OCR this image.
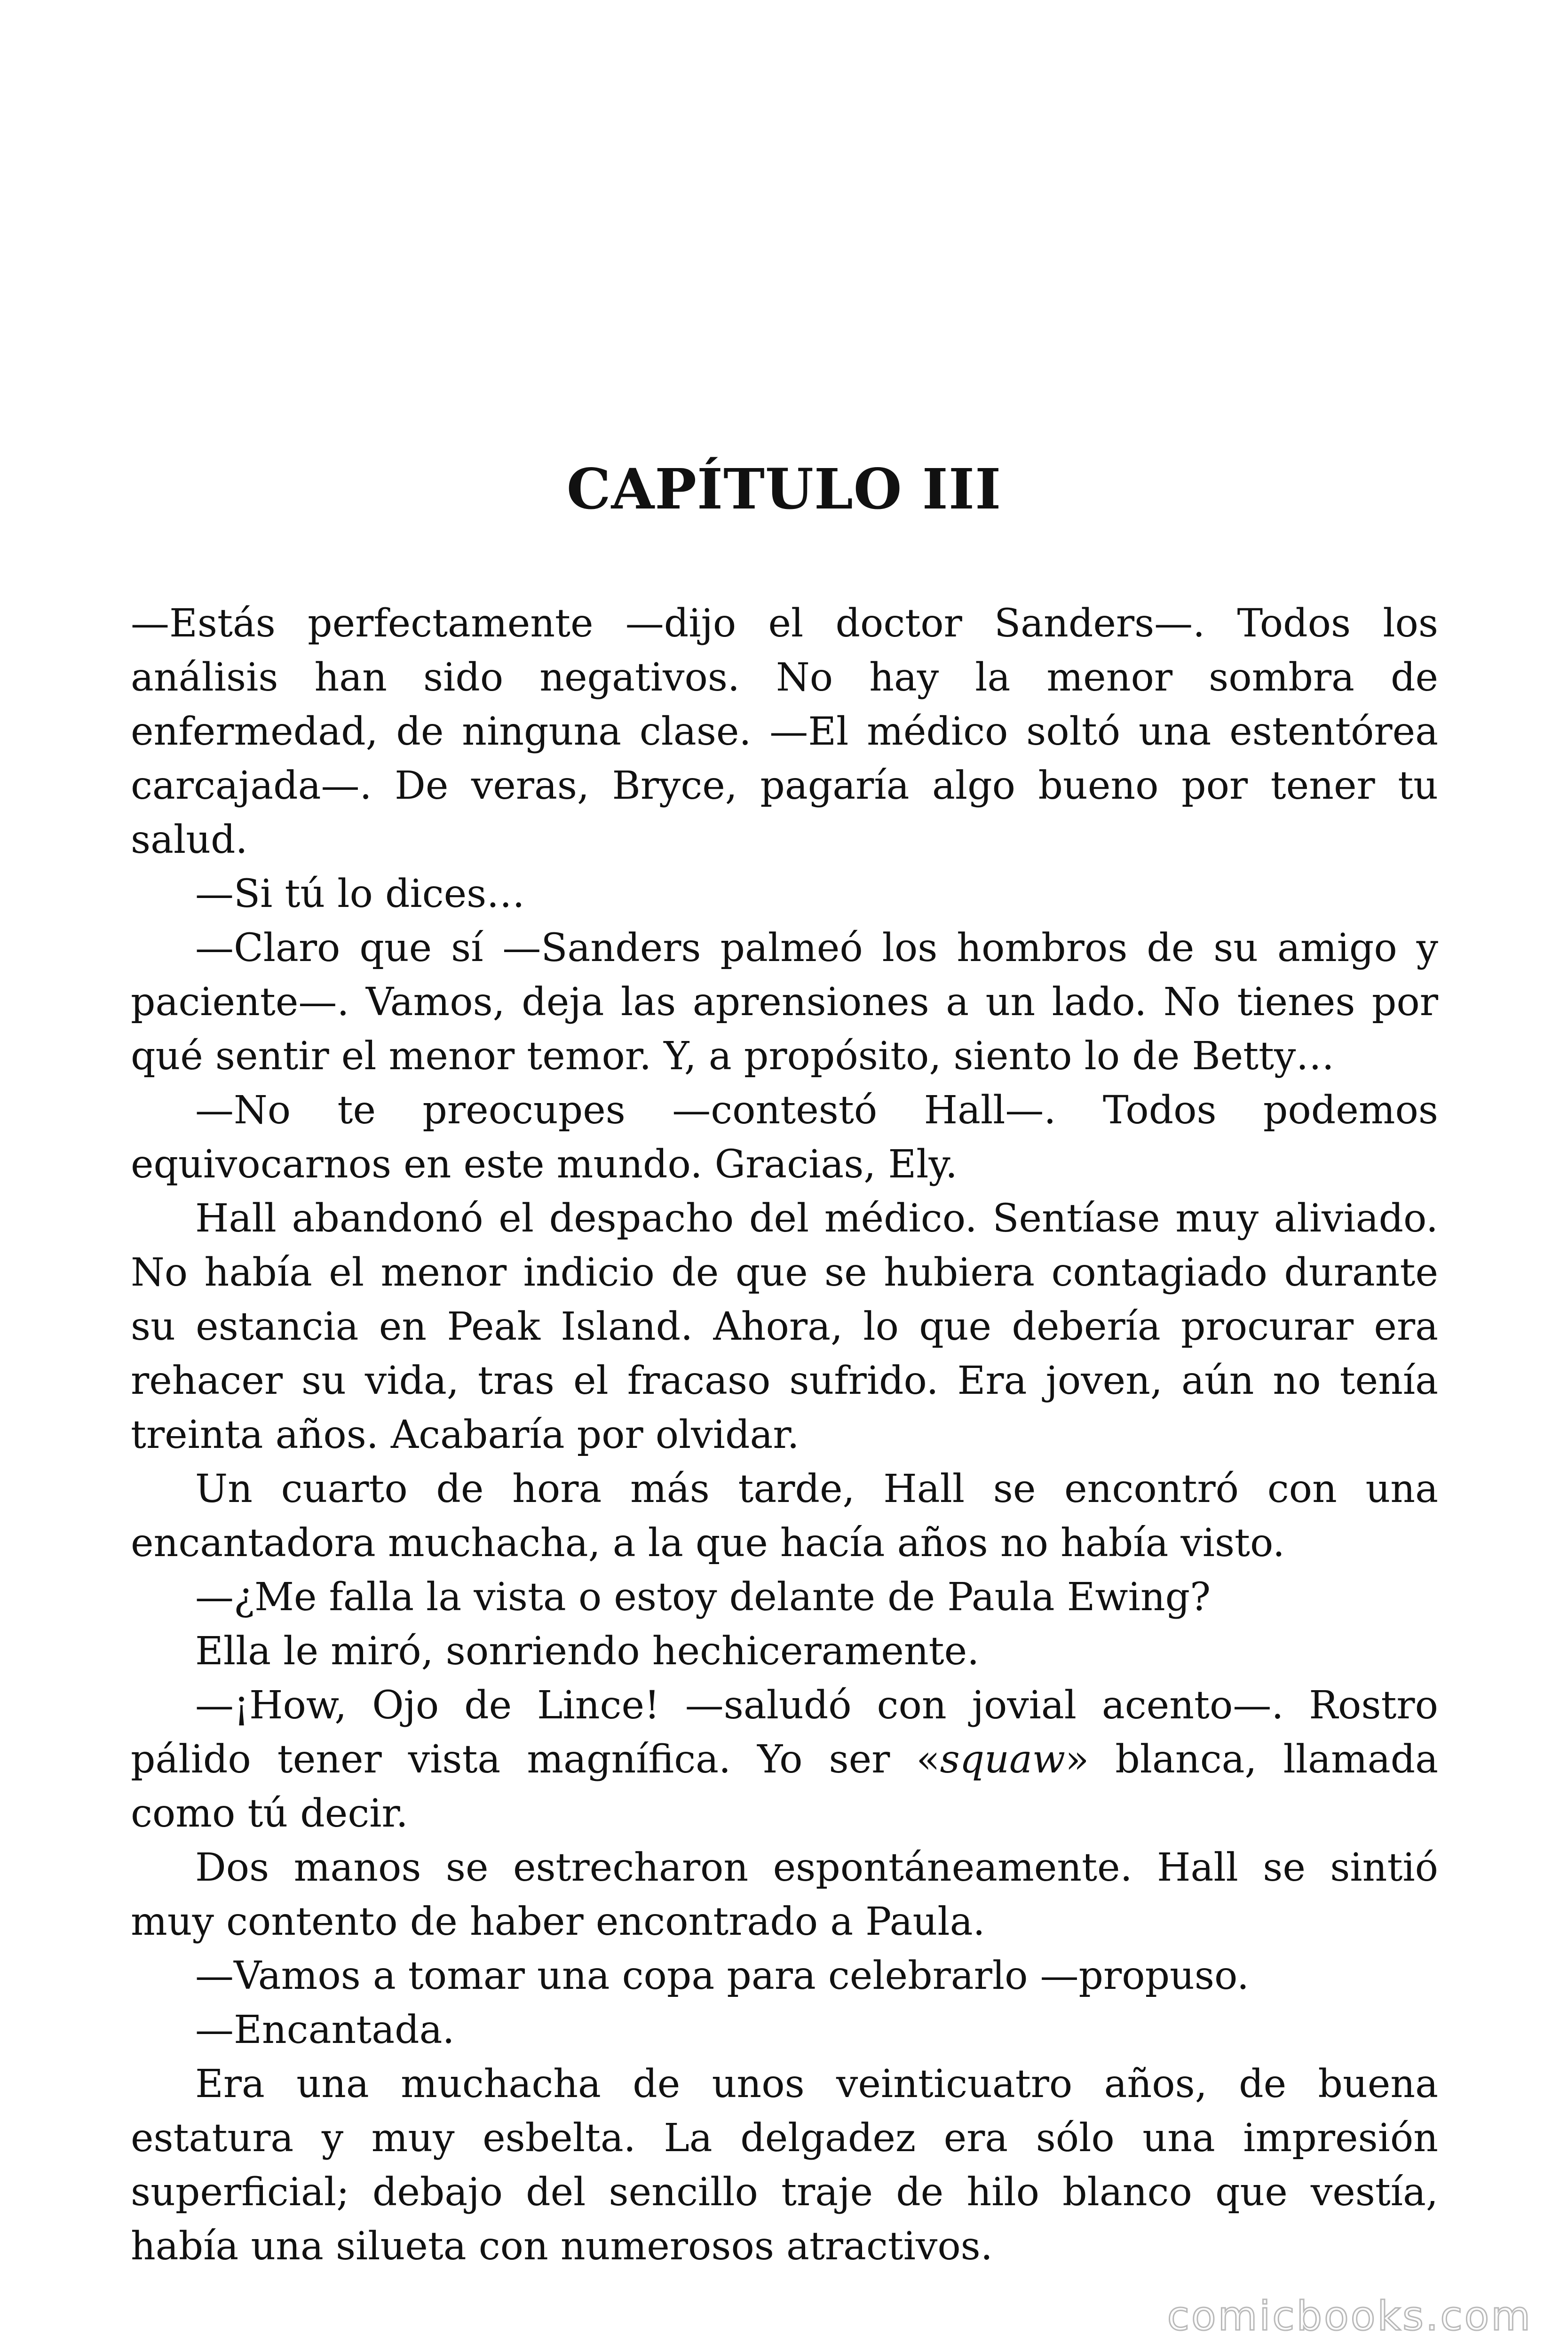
CAPÍTULO III

—Estás perfectamente —dijo el doctor Sanders—. Todos los análisis han sido negativos. No hay la menor sombra de enfermedad, de ninguna clase. —El médico soltó una estentórea carcajada—. De veras, Bryce, pagaría algo bueno por tener tu salud.

—Si tú lo dices…

—Claro que sí —Sanders palmeó los hombros de su amigo y paciente—. Vamos, deja las aprensiones a un lado. No tienes por qué sentir el menor temor. Y, a propósito, siento lo de Betty…

—No te preocupes —contestó Hall—. Todos podemos equivocarnos en este mundo. Gracias, Ely.

Hall abandonó el despacho del médico. Sentíase muy aliviado. No había el menor indicio de que se hubiera contagiado durante su estancia en Peak Island. Ahora, lo que debería procurar era rehacer su vida, tras el fracaso sufrido. Era joven, aún no tenía treinta años. Acabaría por olvidar.

Un cuarto de hora más tarde, Hall se encontró con una encantadora muchacha, a la que hacía años no había visto.

—¿Me falla la vista o estoy delante de Paula Ewing?

Ella le miró, sonriendo hechiceramente.

—¡How, Ojo de Lince! —saludó con jovial acento—. Rostro pálido tener vista magnífica. Yo ser «squaw» blanca, llamada como tú decir.

Dos manos se estrecharon espontáneamente. Hall se sintió muy contento de haber encontrado a Paula.

—Vamos a tomar una copa para celebrarlo —propuso.

—Encantada.

Era una muchacha de unos veinticuatro años, de buena estatura y muy esbelta. La delgadez era sólo una impresión superficial; debajo del sencillo traje de hilo blanco que vestía, había una silueta con numerosos atractivos.

comicbooks.com
